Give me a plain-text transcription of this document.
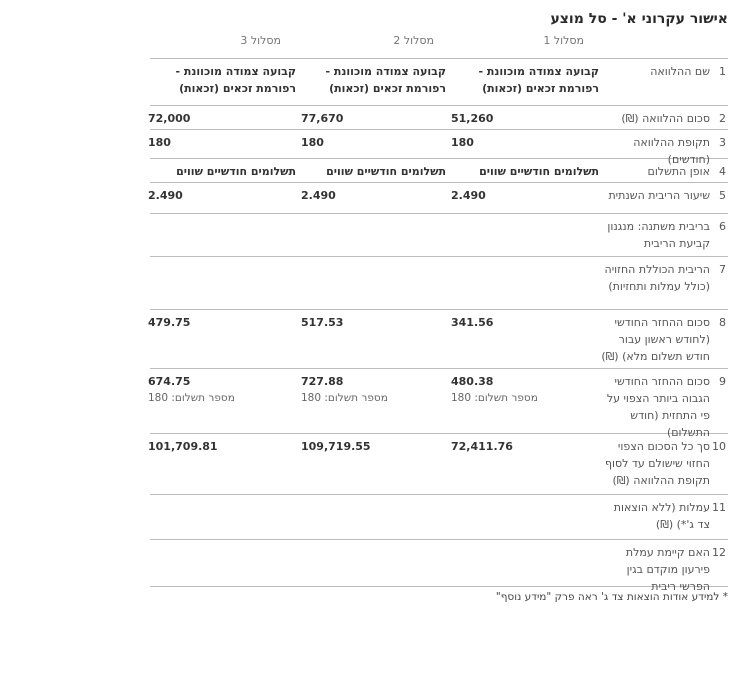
אישור עקרוני א' - סל מוצע
מסלול 1
מסלול 2
מסלול 3
1
שם ההלוואה
קבועה צמודה מוכוונת - רפורמת זכאים (זכאות)
קבועה צמודה מוכוונת - רפורמת זכאים (זכאות)
קבועה צמודה מוכוונת - רפורמת זכאים (זכאות)
2
סכום ההלוואה (₪)
51,260
77,670
72,000
3
תקופת ההלוואה (חודשים)
180
180
180
4
אופן התשלום
תשלומים חודשיים שווים
תשלומים חודשיים שווים
תשלומים חודשיים שווים
5
שיעור הריבית השנתית
2.490
2.490
2.490
6
בריבית משתנה: מנגנון קביעת הריבית
7
הריבית הכוללת החזויה (כולל עמלות ותחזיות)
8
סכום ההחזר החודשי (לחודש ראשון עבור חודש תשלום מלא) (₪)
341.56
517.53
479.75
9
סכום ההחזר החודשי הגבוה ביותר הצפוי על פי התחזית (חודש התשלום)
480.38
מספר תשלום: 180
727.88
מספר תשלום: 180
674.75
מספר תשלום: 180
10
סך כל הסכום הצפוי החזוי שישולם עד לסוף תקופת ההלוואה (₪)
72,411.76
109,719.55
101,709.81
11
עמלות (ללא הוצאות צד ג'*) (₪)
12
האם קיימת עמלת פירעון מוקדם בגין הפרשי ריבית
* למידע אודות הוצאות צד ג' ראה פרק "מידע נוסף"
